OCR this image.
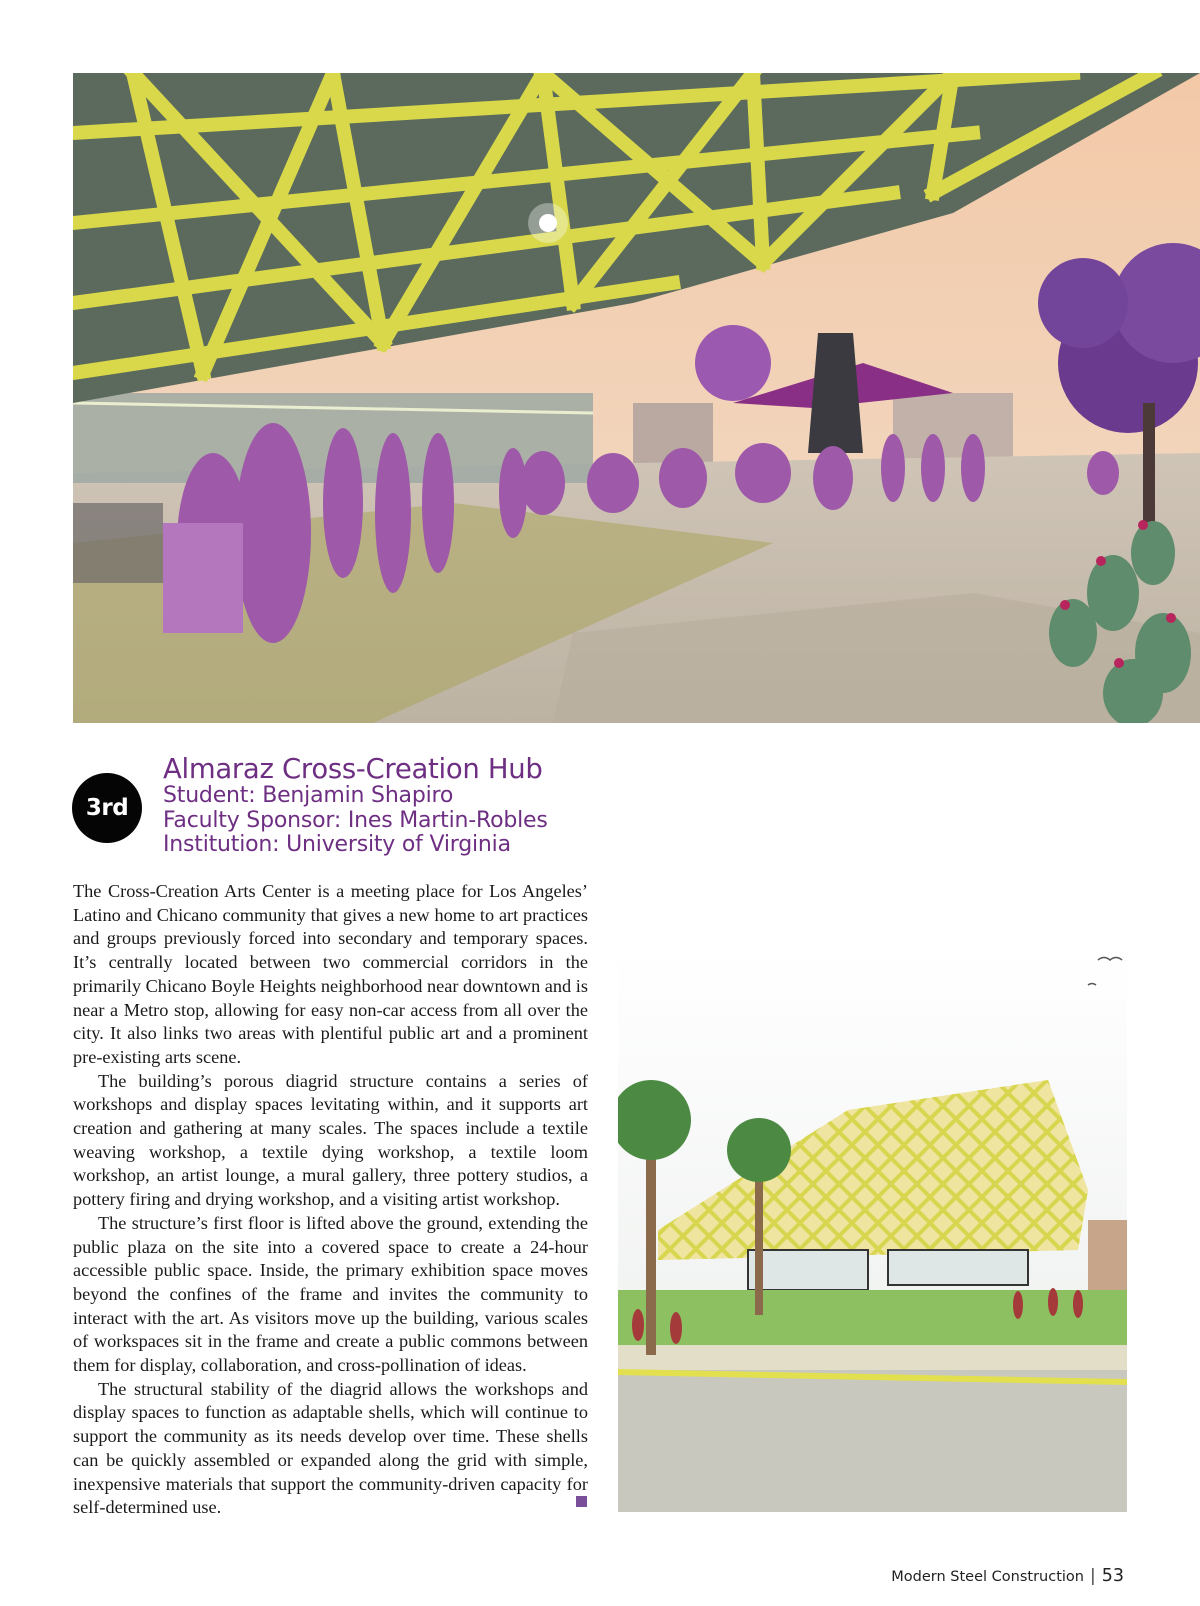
3rd
Almaraz Cross-Creation Hub
Student: Benjamin Shapiro
Faculty Sponsor: Ines Martin-Robles
Institution: University of Virginia

The Cross-Creation Arts Center is a meeting place for Los Angeles’ Latino and Chicano community that gives a new home to art practices and groups previously forced into secondary and temporary spaces. It’s centrally located between two commercial corridors in the primarily Chicano Boyle Heights neighborhood near downtown and is near a Metro stop, allowing for easy non-car access from all over the city. It also links two areas with plentiful public art and a prominent pre-existing arts scene.

The building’s porous diagrid structure contains a series of workshops and display spaces levitating within, and it supports art creation and gathering at many scales. The spaces include a textile weaving workshop, a textile dying workshop, a textile loom workshop, an artist lounge, a mural gallery, three pottery studios, a pottery firing and drying workshop, and a visiting artist workshop.

The structure’s first floor is lifted above the ground, extending the public plaza on the site into a covered space to create a 24-hour accessible public space. Inside, the primary exhibition space moves beyond the confines of the frame and invites the community to interact with the art. As visitors move up the building, various scales of workspaces sit in the frame and create a public commons between them for display, collaboration, and cross-pollination of ideas.

The structural stability of the diagrid allows the workshops and display spaces to function as adaptable shells, which will continue to support the community as its needs develop over time. These shells can be quickly assembled or expanded along the grid with simple, inexpensive materials that support the community-driven capacity for self-determined use.

Modern Steel Construction | 53
